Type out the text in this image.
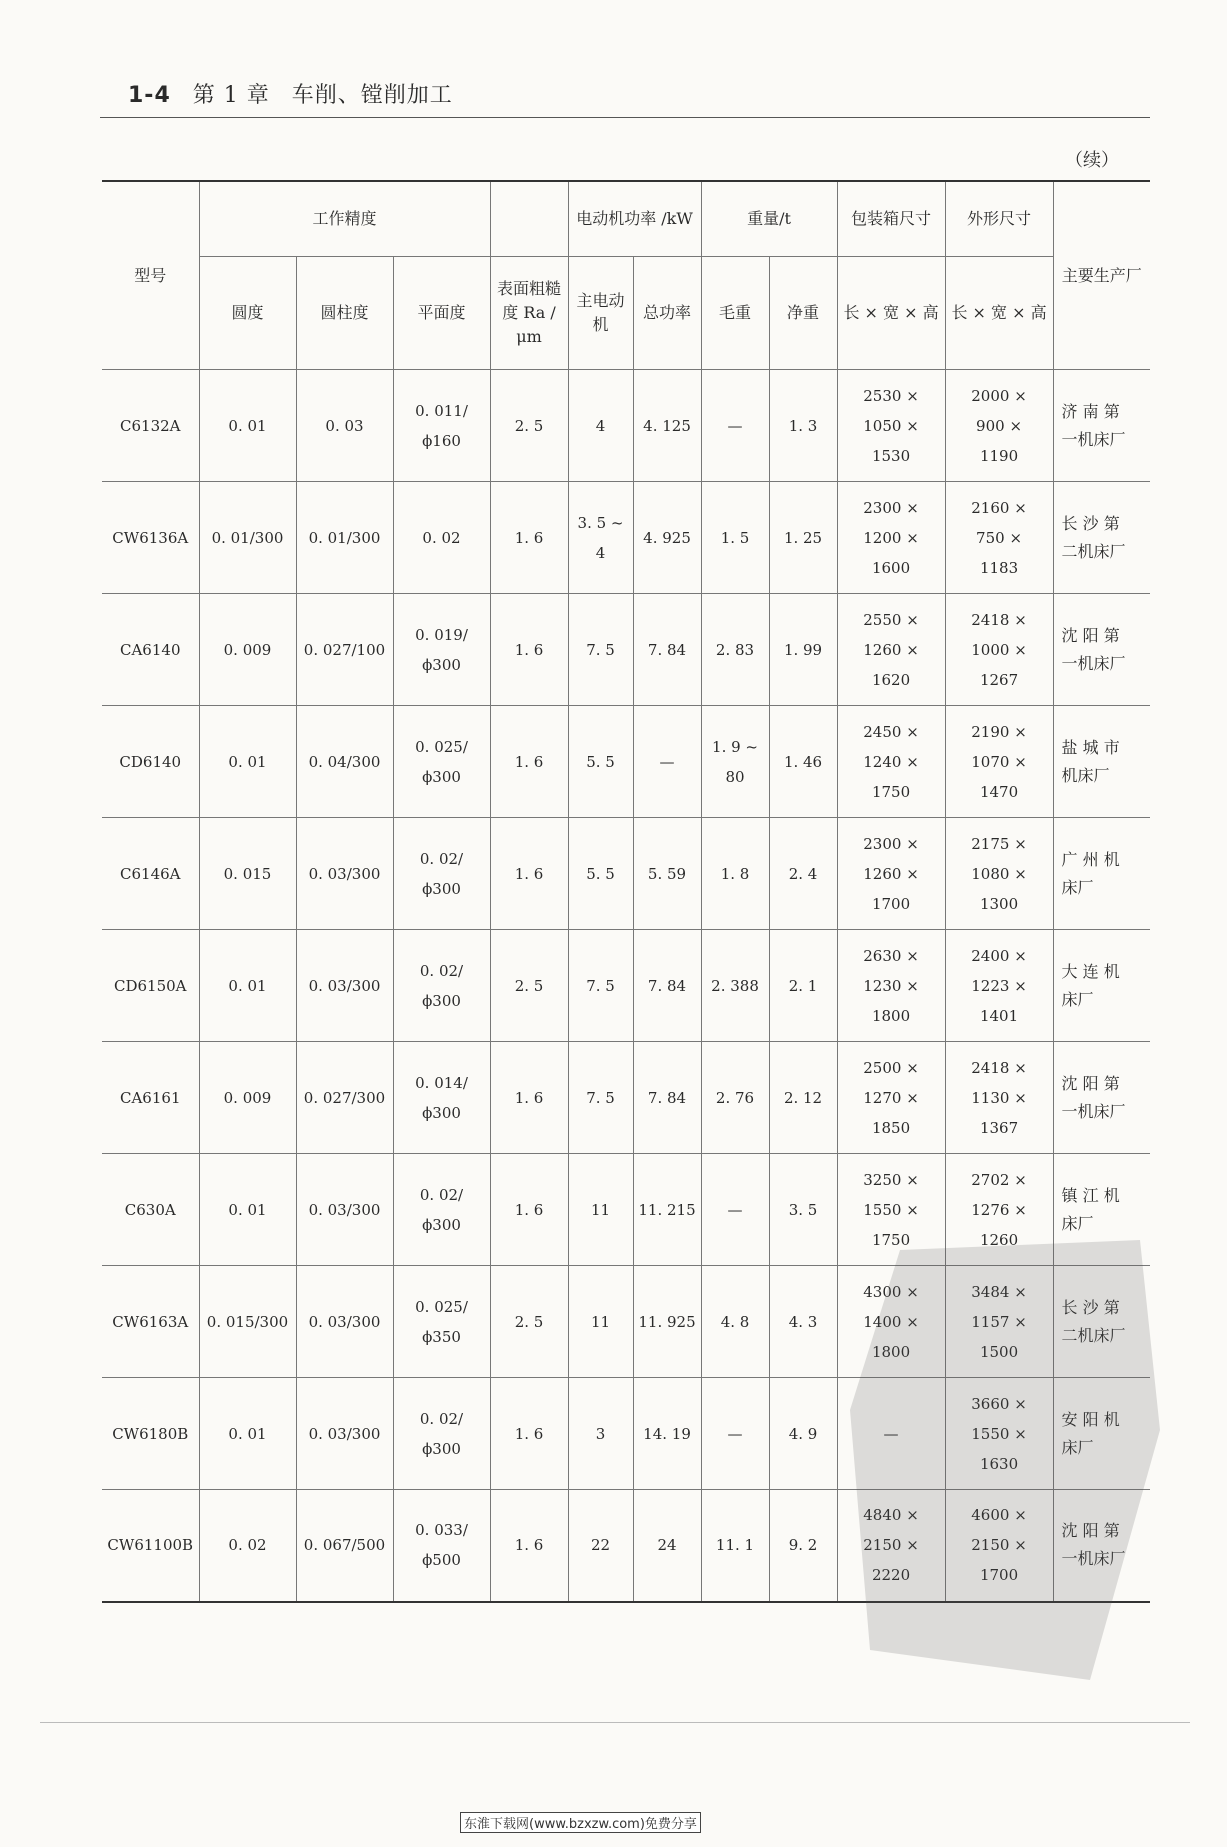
1-4 第 1 章 车削、镗削加工
（续）
型号	工作精度				电动机功率 /kW		重量/t		包装箱尺寸	外形尺寸	主要生产厂
	圆度	圆柱度	平面度	表面粗糙度 Ra /μm	主电动机	总功率	毛重	净重	长 × 宽 × 高	长 × 宽 × 高	
C6132A	0. 01	0. 03	0. 011/
ϕ160	2. 5	4	4. 125	—	1. 3	2530 ×
1050 ×
1530	2000 ×
900 ×
1190	济 南 第
一机床厂

CW6136A	0. 01/300	0. 01/300	0. 02	1. 6	3. 5 ~ 4	4. 925	1. 5	1. 25	2300 ×
1200 ×
1600	2160 ×
750 ×
1183	长 沙 第
二机床厂

CA6140	0. 009	0. 027/100	0. 019/
ϕ300	1. 6	7. 5	7. 84	2. 83	1. 99	2550 ×
1260 ×
1620	2418 ×
1000 ×
1267	沈 阳 第
一机床厂

CD6140	0. 01	0. 04/300	0. 025/
ϕ300	1. 6	5. 5	—	1. 9 ~ 80	1. 46	2450 ×
1240 ×
1750	2190 ×
1070 ×
1470	盐 城 市
机床厂

C6146A	0. 015	0. 03/300	0. 02/
ϕ300	1. 6	5. 5	5. 59	1. 8	2. 4	2300 ×
1260 ×
1700	2175 ×
1080 ×
1300	广 州 机
床厂

CD6150A	0. 01	0. 03/300	0. 02/
ϕ300	2. 5	7. 5	7. 84	2. 388	2. 1	2630 ×
1230 ×
1800	2400 ×
1223 ×
1401	大 连 机
床厂

CA6161	0. 009	0. 027/300	0. 014/
ϕ300	1. 6	7. 5	7. 84	2. 76	2. 12	2500 ×
1270 ×
1850	2418 ×
1130 ×
1367	沈 阳 第
一机床厂

C630A	0. 01	0. 03/300	0. 02/
ϕ300	1. 6	11	11. 215	—	3. 5	3250 ×
1550 ×
1750	2702 ×
1276 ×
1260	镇 江 机
床厂

CW6163A	0. 015/300	0. 03/300	0. 025/
ϕ350	2. 5	11	11. 925	4. 8	4. 3	4300 ×
1400 ×
1800	3484 ×
1157 ×
1500	长 沙 第
二机床厂

CW6180B	0. 01	0. 03/300	0. 02/
ϕ300	1. 6	3	14. 19	—	4. 9	—	3660 ×
1550 ×
1630	安 阳 机
床厂

CW61100B	0. 02	0. 067/500	0. 033/
ϕ500	1. 6	22	24	11. 1	9. 2	4840 ×
2150 ×
2220	4600 ×
2150 ×
1700	沈 阳 第
一机床厂
东淮下载网(www.bzxzw.com)免费分享
